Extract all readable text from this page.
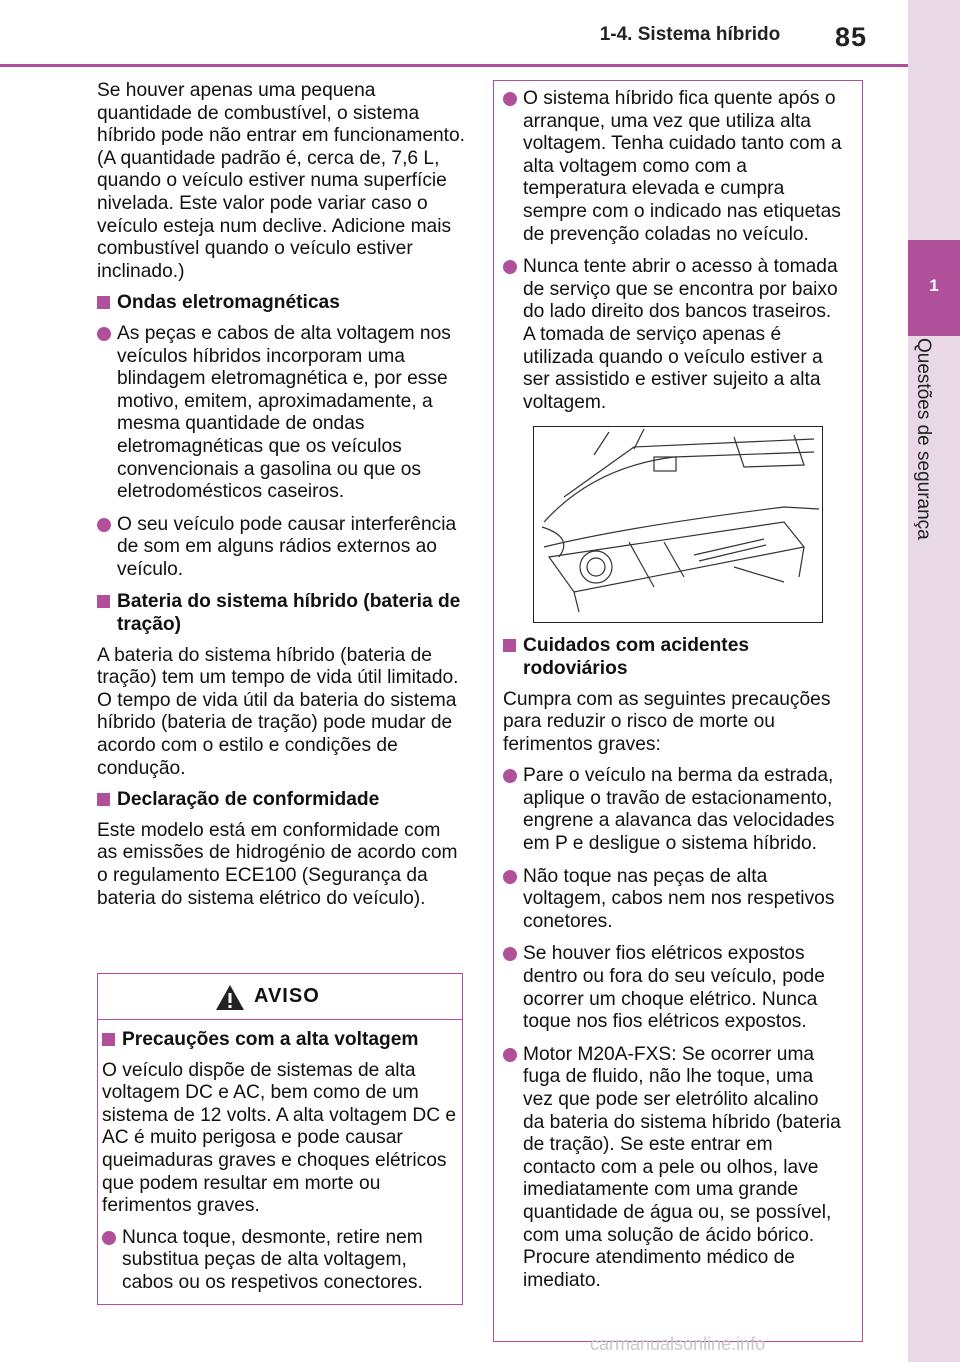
1-4. Sistema híbrido	85
1
Questões de segurança

Se houver apenas uma pequena quantidade de combustível, o sistema híbrido pode não entrar em funcionamento. (A quantidade padrão é, cerca de, 7,6 L, quando o veículo estiver numa superfície nivelada. Este valor pode variar caso o veículo esteja num declive. Adicione mais combustível quando o veículo estiver inclinado.)

Ondas eletromagnéticas
As peças e cabos de alta voltagem nos veículos híbridos incorporam uma blindagem eletromagnética e, por esse motivo, emitem, aproximadamente, a mesma quantidade de ondas eletromagnéticas que os veículos convencionais a gasolina ou que os eletrodomésticos caseiros.
O seu veículo pode causar interferência de som em alguns rádios externos ao veículo.
Bateria do sistema híbrido (bateria de tração)

A bateria do sistema híbrido (bateria de tração) tem um tempo de vida útil limitado. O tempo de vida útil da bateria do sistema híbrido (bateria de tração) pode mudar de acordo com o estilo e condições de condução.

Declaração de conformidade

Este modelo está em conformidade com as emissões de hidrogénio de acordo com o regulamento ECE100 (Segurança da bateria do sistema elétrico do veículo).

AVISO
Precauções com a alta voltagem

O veículo dispõe de sistemas de alta voltagem DC e AC, bem como de um sistema de 12 volts. A alta voltagem DC e AC é muito perigosa e pode causar queimaduras graves e choques elétricos que podem resultar em morte ou ferimentos graves.

Nunca toque, desmonte, retire nem substitua peças de alta voltagem, cabos ou os respetivos conectores.
O sistema híbrido fica quente após o arranque, uma vez que utiliza alta voltagem. Tenha cuidado tanto com a alta voltagem como com a temperatura elevada e cumpra sempre com o indicado nas etiquetas de prevenção coladas no veículo.
Nunca tente abrir o acesso à tomada de serviço que se encontra por baixo do lado direito dos bancos traseiros. A tomada de serviço apenas é utilizada quando o veículo estiver a ser assistido e estiver sujeito a alta voltagem.
Cuidados com acidentes rodoviários

Cumpra com as seguintes precauções para reduzir o risco de morte ou ferimentos graves:

Pare o veículo na berma da estrada, aplique o travão de estacionamento, engrene a alavanca das velocidades em P e desligue o sistema híbrido.
Não toque nas peças de alta voltagem, cabos nem nos respetivos conetores.
Se houver fios elétricos expostos dentro ou fora do seu veículo, pode ocorrer um choque elétrico. Nunca toque nos fios elétricos expostos.
Motor M20A-FXS: Se ocorrer uma fuga de fluido, não lhe toque, uma vez que pode ser eletrólito alcalino da bateria do sistema híbrido (bateria de tração). Se este entrar em contacto com a pele ou olhos, lave imediatamente com uma grande quantidade de água ou, se possível, com uma solução de ácido bórico. Procure atendimento médico de imediato.
carmanualsonline.info
